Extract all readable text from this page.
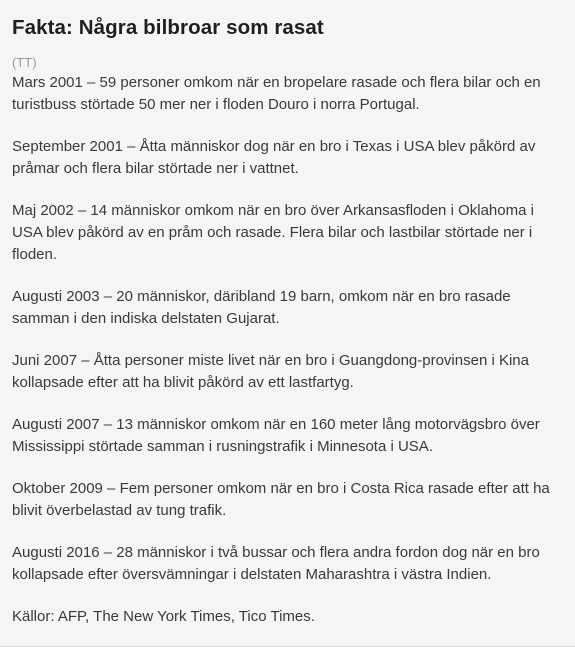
Fakta: Några bilbroar som rasat
(TT)
Mars 2001 – 59 personer omkom när en bropelare rasade och flera bilar och en turistbuss störtade 50 mer ner i floden Douro i norra Portugal.
September 2001 – Åtta människor dog när en bro i Texas i USA blev påkörd av pråmar och flera bilar störtade ner i vattnet.
Maj 2002 – 14 människor omkom när en bro över Arkansasfloden i Oklahoma i USA blev påkörd av en pråm och rasade. Flera bilar och lastbilar störtade ner i floden.
Augusti 2003 – 20 människor, däribland 19 barn, omkom när en bro rasade samman i den indiska delstaten Gujarat.
Juni 2007 – Åtta personer miste livet när en bro i Guangdong-provinsen i Kina kollapsade efter att ha blivit påkörd av ett lastfartyg.
Augusti 2007 – 13 människor omkom när en 160 meter lång motorvägsbro över Mississippi störtade samman i rusningstrafik i Minnesota i USA.
Oktober 2009 – Fem personer omkom när en bro i Costa Rica rasade efter att ha blivit överbelastad av tung trafik.
Augusti 2016 – 28 människor i två bussar och flera andra fordon dog när en bro kollapsade efter översvämningar i delstaten Maharashtra i västra Indien.

Källor: AFP, The New York Times, Tico Times.
